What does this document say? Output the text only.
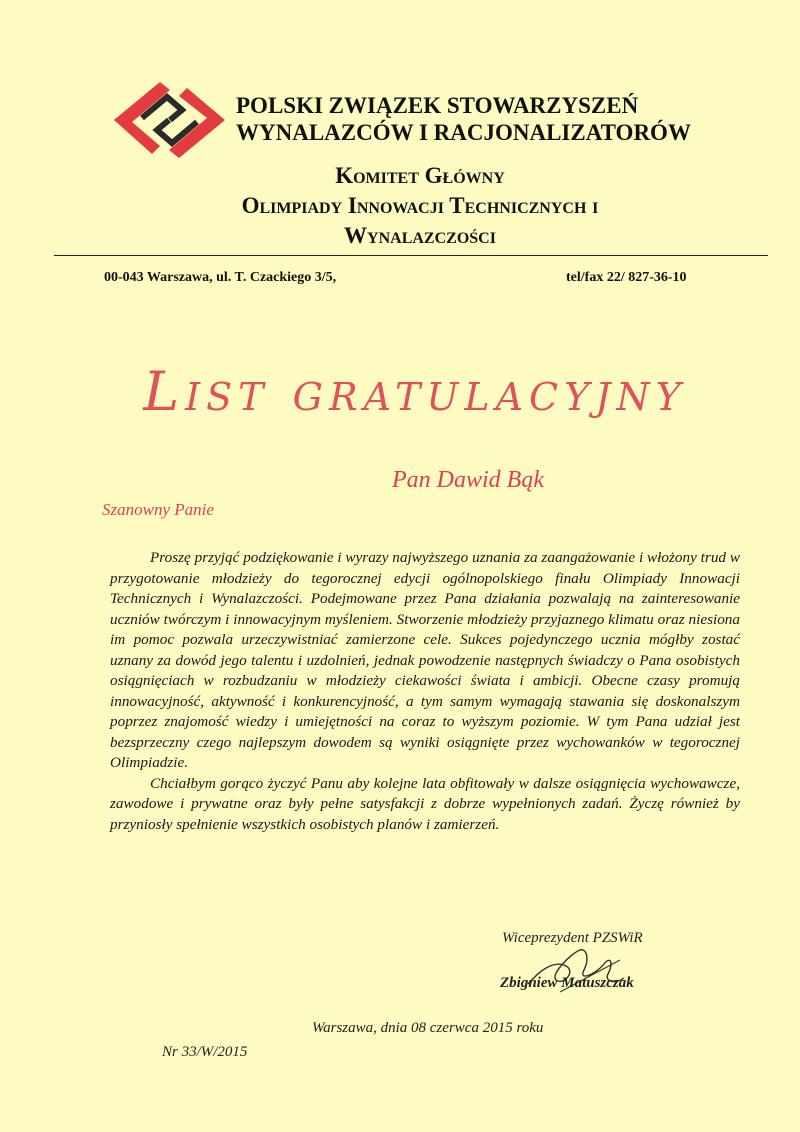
POLSKI ZWIĄZEK STOWARZYSZEŃ
WYNALAZCÓW I RACJONALIZATORÓW
Komitet Główny
Olimpiady Innowacji Technicznych i
Wynalazczości
00-043 Warszawa, ul. T. Czackiego 3/5,	tel/fax 22/ 827-36-10
List gratulacyjny
Pan Dawid Bąk
Szanowny Panie

Proszę przyjąć podziękowanie i wyrazy najwyższego uznania za zaangażowanie i włożony trud w przygotowanie młodzieży do tegorocznej edycji ogólnopolskiego finału Olimpiady Innowacji Technicznych i Wynalazczości. Podejmowane przez Pana działania pozwalają na zainteresowanie uczniów twórczym i innowacyjnym myśleniem. Stworzenie młodzieży przyjaznego klimatu oraz niesiona im pomoc pozwala urzeczywistniać zamierzone cele. Sukces pojedynczego ucznia mógłby zostać uznany za dowód jego talentu i uzdolnień, jednak powodzenie następnych świadczy o Pana osobistych osiągnięciach w rozbudzaniu w młodzieży ciekawości świata i ambicji. Obecne czasy promują innowacyjność, aktywność i konkurencyjność, a tym samym wymagają stawania się doskonalszym poprzez znajomość wiedzy i umiejętności na coraz to wyższym poziomie. W tym Pana udział jest bezsprzeczny czego najlepszym dowodem są wyniki osiągnięte przez wychowanków w tegorocznej Olimpiadzie.

Chciałbym gorąco życzyć Panu aby kolejne lata obfitowały w dalsze osiągnięcia wychowawcze, zawodowe i prywatne oraz były pełne satysfakcji z dobrze wypełnionych zadań. Życzę również by przyniosły spełnienie wszystkich osobistych planów i zamierzeń.

Wiceprezydent PZSWiR
Zbigniew Matuszczak
Warszawa, dnia 08 czerwca 2015 roku
Nr 33/W/2015
